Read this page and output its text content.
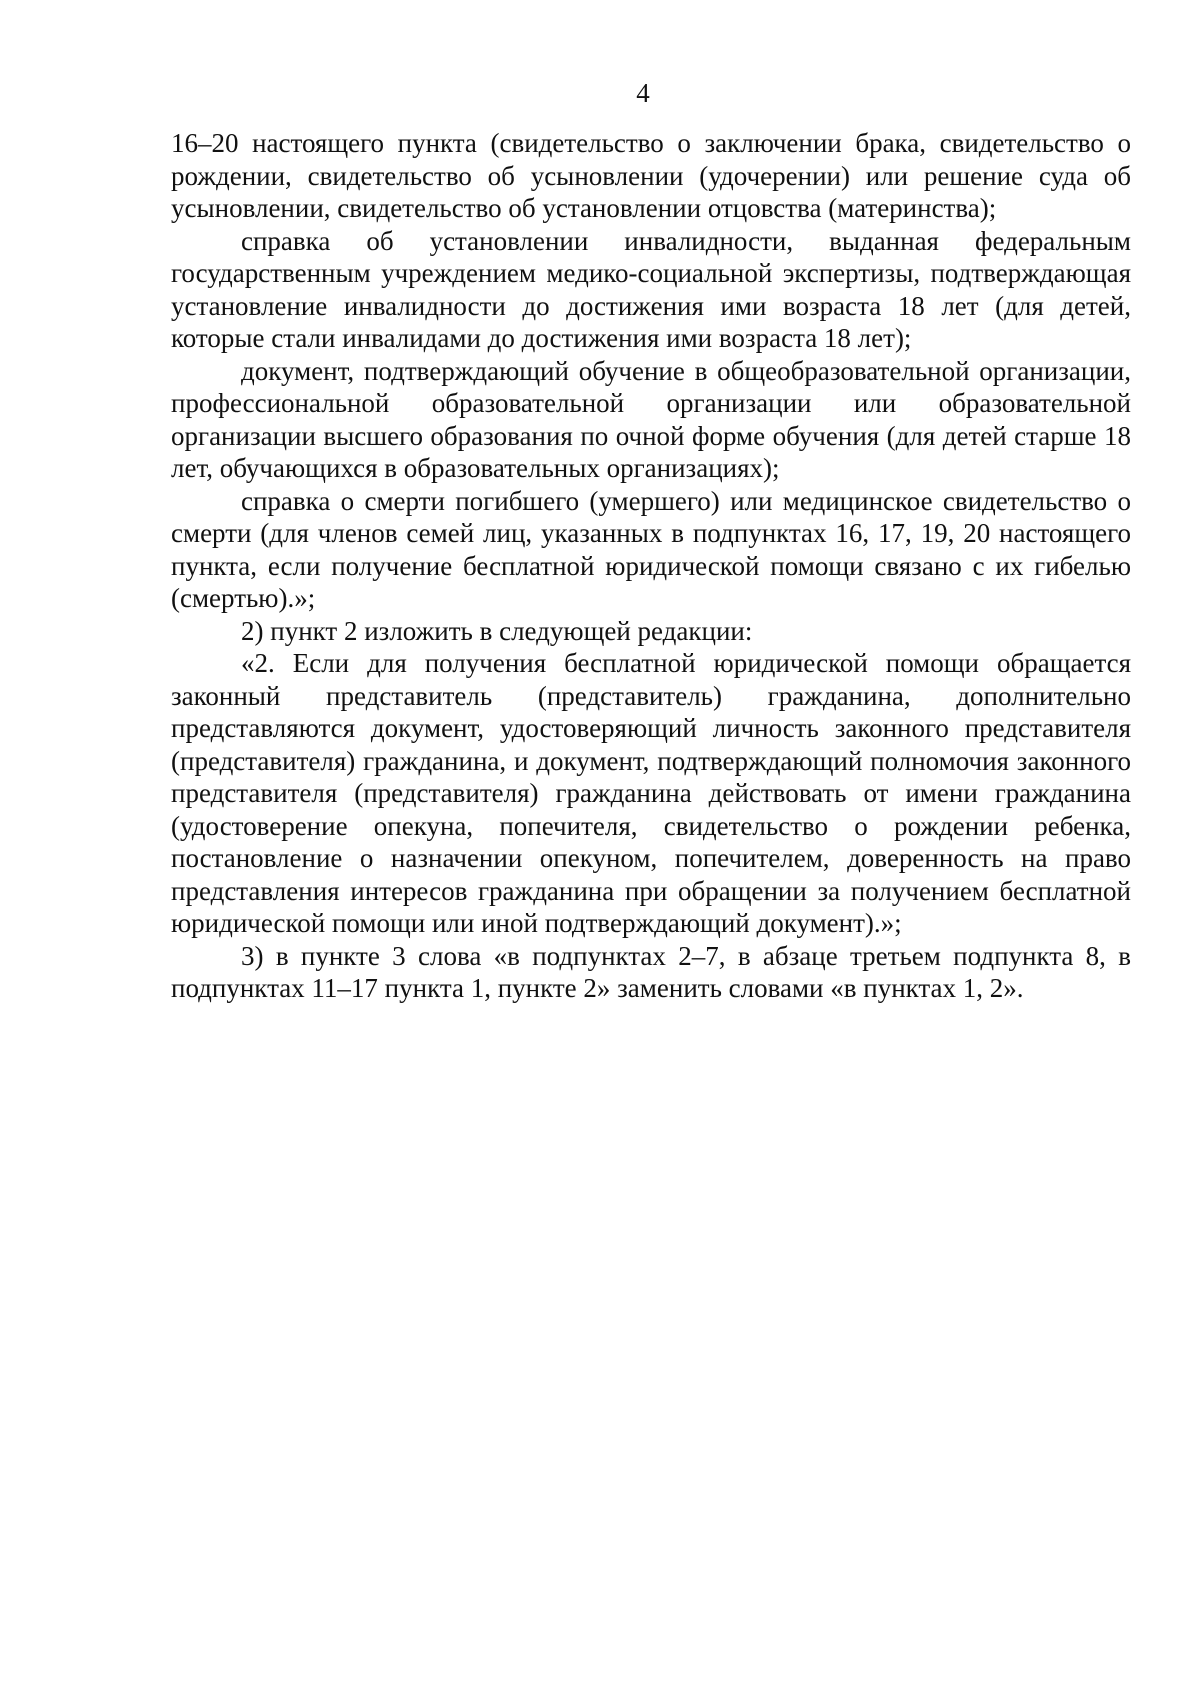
4

16–20 настоящего пункта (свидетельство о заключении брака, свидетельство о рождении, свидетельство об усыновлении (удочерении) или решение суда об усыновлении, свидетельство об установлении отцовства (материнства);

справка об установлении инвалидности, выданная федеральным государственным учреждением медико-социальной экспертизы, подтверждающая установление инвалидности до достижения ими возраста 18 лет (для детей, которые стали инвалидами до достижения ими возраста 18 лет);

документ, подтверждающий обучение в общеобразовательной организации, профессиональной образовательной организации или образовательной организации высшего образования по очной форме обучения (для детей старше 18 лет, обучающихся в образовательных организациях);

справка о смерти погибшего (умершего) или медицинское свидетельство о смерти (для членов семей лиц, указанных в подпунктах 16, 17, 19, 20 настоящего пункта, если получение бесплатной юридической помощи связано с их гибелью (смертью).»;

2) пункт 2 изложить в следующей редакции:

«2. Если для получения бесплатной юридической помощи обращается законный представитель (представитель) гражданина, дополнительно представляются документ, удостоверяющий личность законного представителя (представителя) гражданина, и документ, подтверждающий полномочия законного представителя (представителя) гражданина действовать от имени гражданина (удостоверение опекуна, попечителя, свидетельство о рождении ребенка, постановление о назначении опекуном, попечителем, доверенность на право представления интересов гражданина при обращении за получением бесплатной юридической помощи или иной подтверждающий документ).»;

3) в пункте 3 слова «в подпунктах 2–7, в абзаце третьем подпункта 8, в подпунктах 11–17 пункта 1, пункте 2» заменить словами «в пунктах 1, 2».
